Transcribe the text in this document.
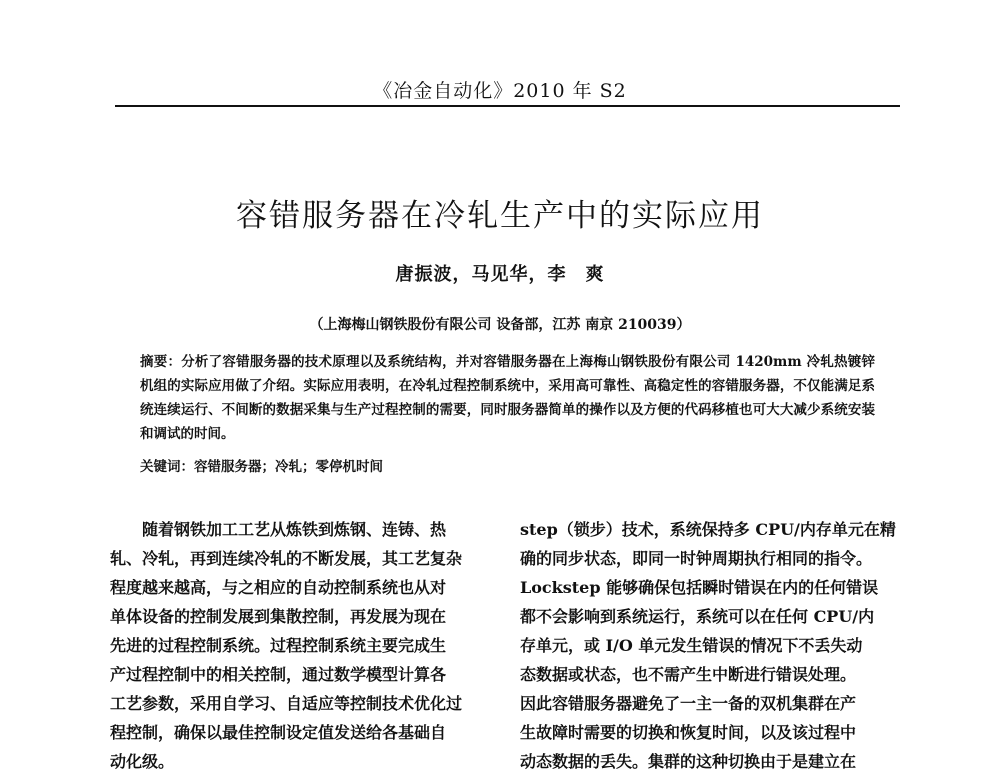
《冶金自动化》2010 年 S2
容错服务器在冷轧生产中的实际应用
唐振波，马见华，李　爽
（上海梅山钢铁股份有限公司 设备部，江苏 南京 210039）

摘要：分析了容错服务器的技术原理以及系统结构，并对容错服务器在上海梅山钢铁股份有限公司 1420mm 冷轧热镀锌机组的实际应用做了介绍。实际应用表明，在冷轧过程控制系统中，采用高可靠性、高稳定性的容错服务器，不仅能满足系统连续运行、不间断的数据采集与生产过程控制的需要，同时服务器简单的操作以及方便的代码移植也可大大减少系统安装和调试的时间。

关键词：容错服务器；冷轧；零停机时间

　　随着钢铁加工工艺从炼铁到炼钢、连铸、热
轧、冷轧，再到连续冷轧的不断发展，其工艺复杂
程度越来越高，与之相应的自动控制系统也从对
单体设备的控制发展到集散控制，再发展为现在
先进的过程控制系统。过程控制系统主要完成生
产过程控制中的相关控制，通过数学模型计算各
工艺参数，采用自学习、自适应等控制技术优化过
程控制，确保以最佳控制设定值发送给各基础自
动化级。
step（锁步）技术，系统保持多 CPU/内存单元在精
确的同步状态，即同一时钟周期执行相同的指令。
Lockstep 能够确保包括瞬时错误在内的任何错误
都不会影响到系统运行，系统可以在任何 CPU/内
存单元，或 I/O 单元发生错误的情况下不丢失动
态数据或状态，也不需产生中断进行错误处理。
因此容错服务器避免了一主一备的双机集群在产
生故障时需要的切换和恢复时间，以及该过程中
动态数据的丢失。集群的这种切换由于是建立在
